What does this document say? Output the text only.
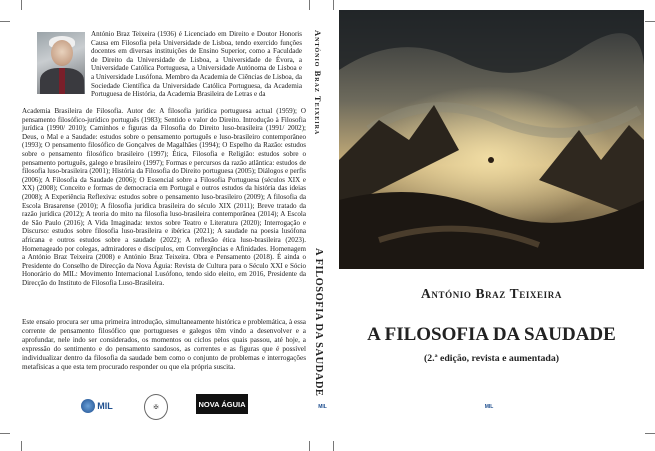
António Braz Teixeira (1936) é Licenciado em Direito e Doutor Honoris Causa em Filosofia pela Universidade de Lisboa, tendo exercido funções docentes em diversas instituições de Ensino Superior, como a Faculdade de Direito da Universidade de Lisboa, a Universidade de Évora, a Universidade Católica Portuguesa, a Universidade Autónoma de Lisboa e a Universidade Lusófona. Membro da Academia de Ciências de Lisboa, da Sociedade Científica da Universidade Católica Portuguesa, da Academia Portuguesa de História, da Academia Brasileira de Letras e da

Academia Brasileira de Filosofia. Autor de: A filosofia jurídica portuguesa actual (1959); O pensamento filosófico-jurídico português (1983); Sentido e valor do Direito. Introdução à Filosofia jurídica (1990/ 2010); Caminhos e figuras da Filosofia do Direito luso-brasileira (1991/ 2002); Deus, o Mal e a Saudade: estudos sobre o pensamento português e luso-brasileiro contemporâneo (1993); O pensamento filosófico de Gonçalves de Magalhães (1994); O Espelho da Razão: estudos sobre o pensamento filosófico brasileiro (1997); Ética, Filosofia e Religião: estudos sobre o pensamento português, galego e brasileiro (1997); Formas e percursos da razão atlântica: estudos de filosofia luso-brasileira (2001); História da Filosofia do Direito portuguesa (2005); Diálogos e perfis (2006); A Filosofia da Saudade (2006); O Essencial sobre a Filosofia Portuguesa (séculos XIX e XX) (2008); Conceito e formas de democracia em Portugal e outros estudos da história das ideias (2008); A Experiência Reflexiva: estudos sobre o pensamento luso-brasileiro (2009); A filosofia da Escola Brasarense (2010); A filosofia jurídica brasileira do século XIX (2011); Breve tratado da razão jurídica (2012); A teoria do mito na filosofia luso-brasileira contemporânea (2014); A Escola de São Paulo (2016); A Vida Imaginada: textos sobre Teatro e Literatura (2020); Interrogação e Discurso: estudos sobre filosofia luso-brasileira e ibérica (2021); A saudade na poesia lusófona africana e outros estudos sobre a saudade (2022); A reflexão ética luso-brasileira (2023). Homenageado por colegas, admiradores e discípulos, em Convergências e Afinidades. Homenagem a António Braz Teixeira (2008) e António Braz Teixeira. Obra e Pensamento (2018). É ainda o Presidente do Conselho de Direcção da Nova Águia: Revista de Cultura para o Século XXI e Sócio Honorário do MIL: Movimento Internacional Lusófono, tendo sido eleito, em 2016, Presidente da Direcção do Instituto de Filosofia Luso-Brasileira.

Este ensaio procura ser uma primeira introdução, simultaneamente histórica e problemática, à essa corrente de pensamento filosófico que portugueses e galegos têm vindo a desenvolver e a aprofundar, nele indo ser considerados, os momentos ou ciclos pelos quais passou, até hoje, a expressão do sentimento e do pensamento saudosos, as correntes e as figuras que é possível individualizar dentro da filosofia da saudade bem como o conjunto de problemas e interrogações metafísicas a que esta tem procurado responder ou que ela própria suscita.

MIL	✠	NOVA ÁGUIA
António Braz Teixeira
A FILOSOFIA DA SAUDADE
MIL
António Braz Teixeira
A FILOSOFIA DA SAUDADE
(2.ª edição, revista e aumentada)
MIL
